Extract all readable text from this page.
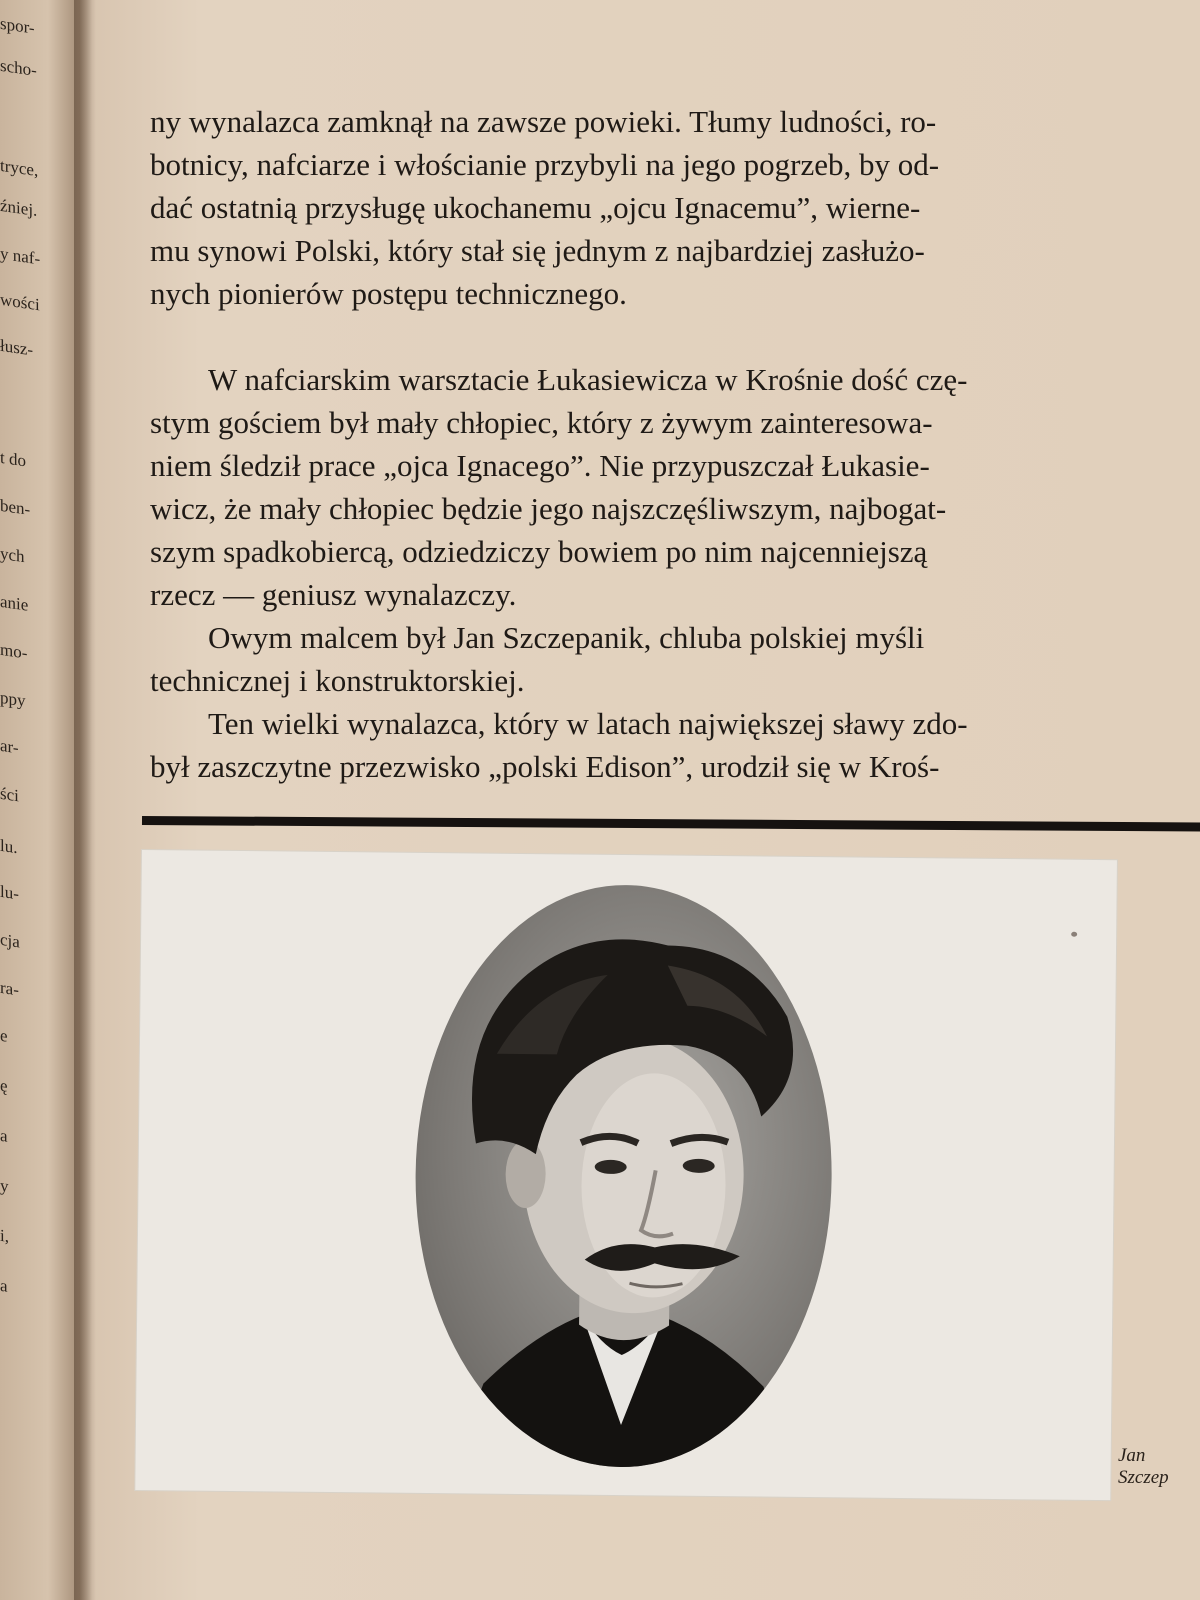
spor-
scho-
tryce,
źniej.
y naf-
wości
łusz-
t do
ben-
ych
anie
mo-
ppy
ar-
ści
lu.
lu-
cja
ra-
e
ę
a
y
i,
a
ny wynalazca zamknął na zawsze powieki. Tłumy ludności, ro-
botnicy, nafciarze i włościanie przybyli na jego pogrzeb, by od-
dać ostatnią przysługę ukochanemu „ojcu Ignacemu”, wierne-
mu synowi Polski, który stał się jednym z najbardziej zasłużo-
nych pionierów postępu technicznego.
W nafciarskim warsztacie Łukasiewicza w Krośnie dość czę-
stym gościem był mały chłopiec, który z żywym zainteresowa-
niem śledził prace „ojca Ignacego”. Nie przypuszczał Łukasie-
wicz, że mały chłopiec będzie jego najszczęśliwszym, najbogat-
szym spadkobiercą, odziedziczy bowiem po nim najcenniejszą
rzecz — geniusz wynalazczy.
Owym malcem był Jan Szczepanik, chluba polskiej myśli
technicznej i konstruktorskiej.
Ten wielki wynalazca, który w latach największej sławy zdo-
był zaszczytne przezwisko „polski Edison”, urodził się w Kroś-
Jan
Szczep
